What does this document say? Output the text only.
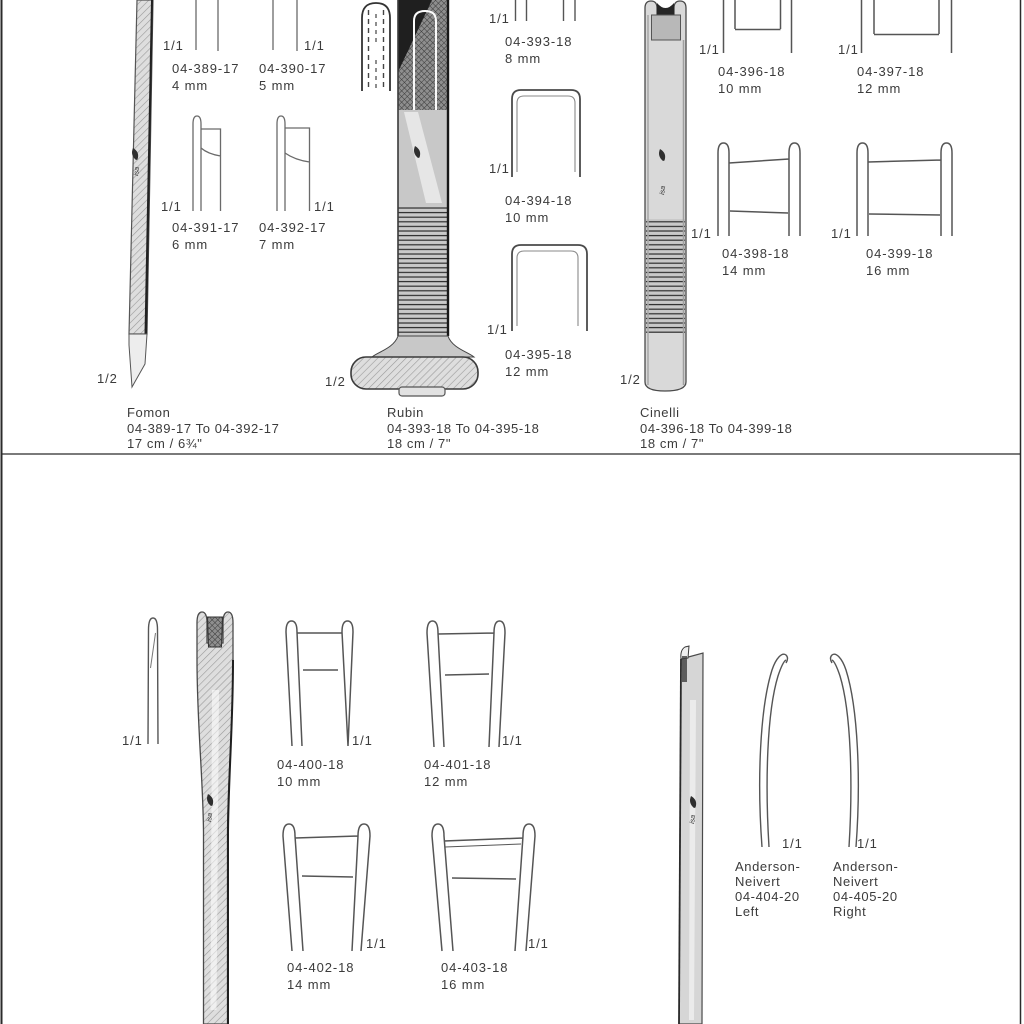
isa
isa
isa	isa
1/1
04-389-17
4 mm
1/1
04-390-17
5 mm
1/1
04-391-17
6 mm
1/1
04-392-17
7 mm
1/2
Fomon
04-389-17 To 04-392-17
17 cm / 6¾"
1/1
04-393-18
8 mm
1/1
04-394-18
10 mm
1/1
04-395-18
12 mm
1/2
Rubin
04-393-18 To 04-395-18
18 cm / 7"
1/1
04-396-18
10 mm
1/1
04-397-18
12 mm
1/1
04-398-18
14 mm
1/1
04-399-18
16 mm
1/2
Cinelli
04-396-18 To 04-399-18
18 cm / 7"
1/1	1/1
04-400-18
10 mm
1/1
04-401-18
12 mm
1/1
04-402-18
14 mm
1/1
04-403-18
16 mm
1/1
Anderson-
Neivert
04-404-20
Left
1/1
Anderson-
Neivert
04-405-20
Right
